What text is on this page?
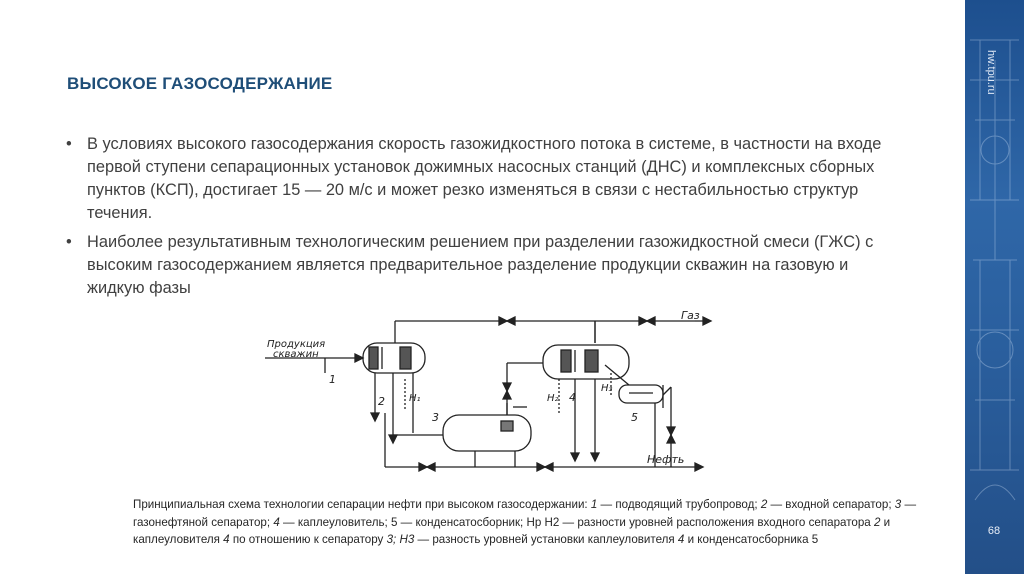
ВЫСОКОЕ ГАЗОСОДЕРЖАНИЕ
• В условиях высокого газосодержания скорость газожидкостного потока в системе, в частности на входе первой ступени сепарационных установок дожимных насосных станций (ДНС) и комплексных сборных пунктов (КСП), достигает 15 — 20 м/с и может резко изменяться в связи с нестабильностью структур течения.
• Наиболее результативным технологическим решением при разделении газожидкостной смеси (ГЖС) с высоким газосодержанием является предварительное разделение продукции скважин на газовую и жидкую фазы
Газ
Нефть
Продукция
скважин
1
2
3
4
5
H₁	H₂
H₃
Принципиальная схема технологии сепарации нефти при высоком газосодержании: 1 — подводящий трубопровод; 2 — входной сепаратор; 3 — газонефтяной сепаратор; 4 — каплеуловитель; 5 — конденсатосборник; Нр Н2 — разности уровней расположения входного сепаратора 2 и каплеуловителя 4 по отношению к сепаратору 3; Н3 — разность уровней установки каплеуловителя 4 и конденсатосборника 5
hw.tpu.ru
68
